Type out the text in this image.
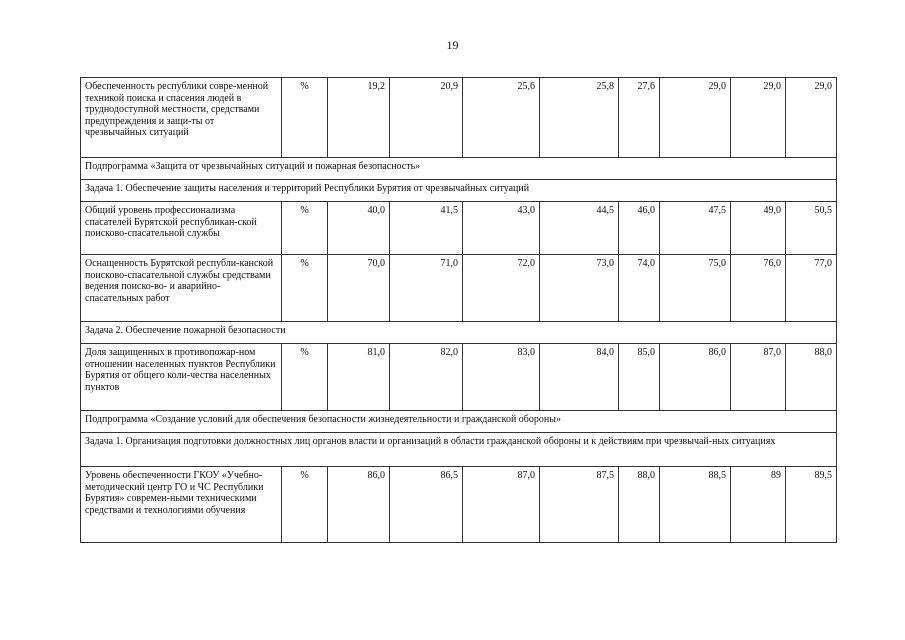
19
Обеспеченность республики совре-менной техникой поиска и спасения людей в труднодоступной местности, средствами предупреждения и защи-ты от чрезвычайных ситуаций	%	19,2	20,9	25,6	25,8	27,6	29,0	29,0	29,0
Подпрограмма «Защита от чрезвычайных ситуаций и пожарная безопасность»									
Задача 1. Обеспечение защиты населения и территорий Республики Бурятия от чрезвычайных ситуаций									
Общий уровень профессионализма спасателей Бурятской республикан-ской поисково-спасательной службы	%	40,0	41,5	43,0	44,5	46,0	47,5	49,0	50,5
Оснащенность Бурятской республи-канской поисково-спасательной службы средствами ведения поиско-во- и аварийно-спасательных работ	%	70,0	71,0	72,0	73,0	74,0	75,0	76,0	77,0
Задача 2. Обеспечение пожарной безопасности									
Доля защищенных в противопожар-ном отношении населенных пунктов Республики Бурятия от общего коли-чества населенных пунктов	%	81,0	82,0	83,0	84,0	85,0	86,0	87,0	88,0
Подпрограмма «Создание условий для обеспечения безопасности жизнедеятельности и гражданской обороны»									
Задача 1. Организация подготовки должностных лиц органов власти и организаций в области гражданской обороны и к действиям при чрезвычай-ных ситуациях									
Уровень обеспеченности ГКОУ «Учебно-методический центр ГО и ЧС Республики Бурятия» современ-ными техническими средствами и технологиями обучения	%	86,0	86,5	87,0	87,5	88,0	88,5	89	89,5
